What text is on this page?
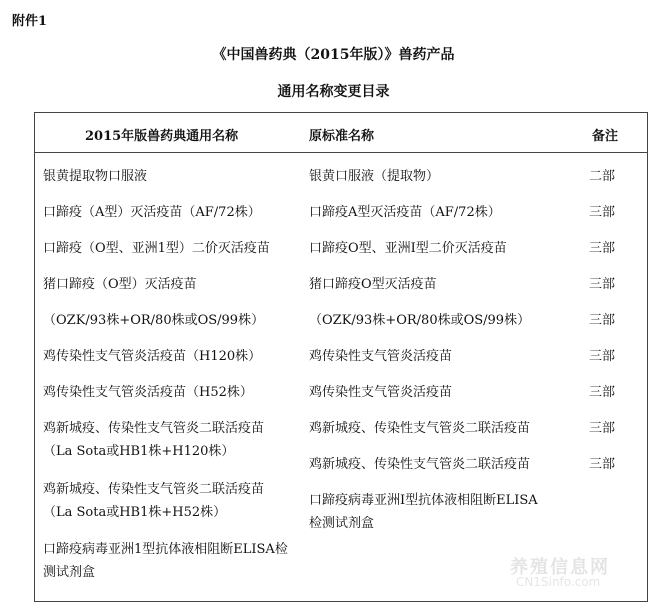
附件1
《中国兽药典（2015年版）》兽药产品
通用名称变更目录
2015年版兽药典通用名称	原标准名称	备注
银黄提取物口服液
口蹄疫（A型）灭活疫苗（AF/72株）
口蹄疫（O型、亚洲1型）二价灭活疫苗
猪口蹄疫（O型）灭活疫苗
（OZK/93株+OR/80株或OS/99株）
鸡传染性支气管炎活疫苗（H120株）
鸡传染性支气管炎活疫苗（H52株）
鸡新城疫、传染性支气管炎二联活疫苗
（La Sota或HB1株+H120株）
鸡新城疫、传染性支气管炎二联活疫苗
（La Sota或HB1株+H52株）
口蹄疫病毒亚洲1型抗体液相阻断ELISA检
测试剂盒
银黄口服液（提取物）
口蹄疫A型灭活疫苗（AF/72株）
口蹄疫O型、亚洲Ⅰ型二价灭活疫苗
猪口蹄疫O型灭活疫苗
（OZK/93株+OR/80株或OS/99株）
鸡传染性支气管炎活疫苗
鸡传染性支气管炎活疫苗
鸡新城疫、传染性支气管炎二联活疫苗
鸡新城疫、传染性支气管炎二联活疫苗
口蹄疫病毒亚洲Ⅰ型抗体液相阻断ELISA
检测试剂盒
二部
三部
三部
三部
三部
三部
三部
三部
三部
养殖信息网
CN1Sinfo.com
